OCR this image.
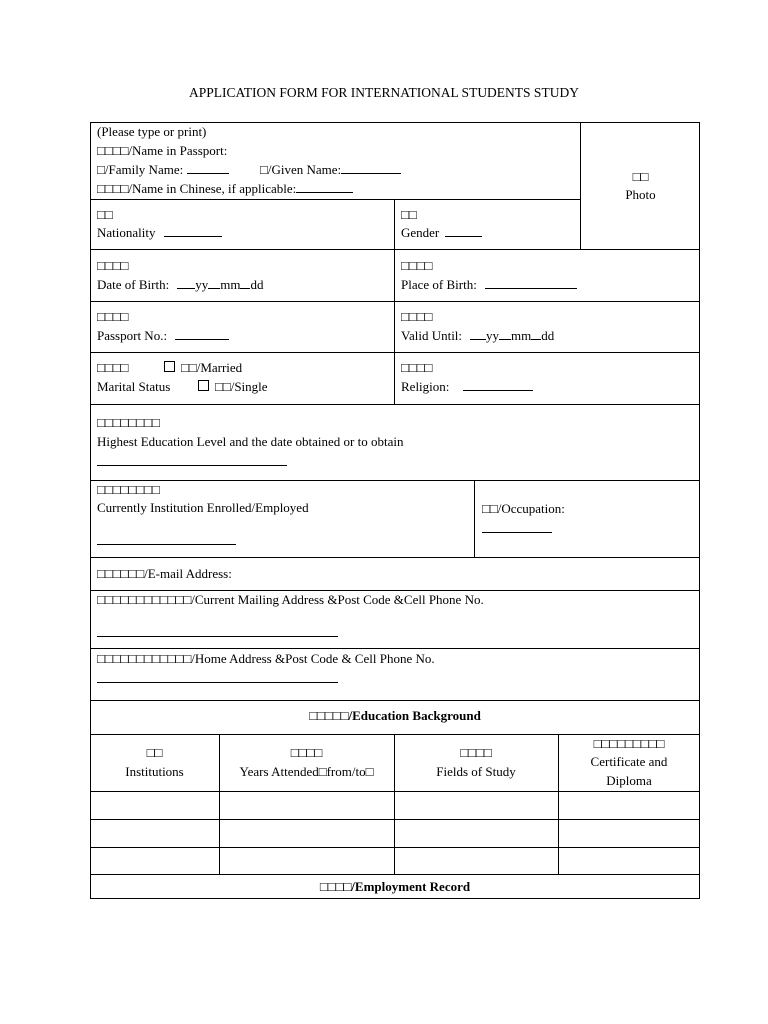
APPLICATION FORM FOR INTERNATIONAL STUDENTS STUDY
(Please type or print)
□□□□/Name in Passport:
□/Family Name:	□/Given Name:
□□□□/Name in Chinese, if applicable:
□□
Photo
□□
Nationality
□□
Gender
□□□□
Date of Birth: yy mm dd
□□□□
Place of Birth:
□□□□
Passport No.:
□□□□
Valid Until: yy mm dd
□□□□
Marital Status
□□/Married
□□/Single
□□□□
Religion:
□□□□□□□□
Highest Education Level and the date obtained or to obtain
□□□□□□□□
Currently Institution Enrolled/Employed	□□/Occupation:
□□□□□□/E-mail Address:
□□□□□□□□□□□□/Current Mailing Address &Post Code &Cell Phone No.
□□□□□□□□□□□□/Home Address &Post Code & Cell Phone No.
□□□□□/Education Background
□□
Institutions
□□□□
Years Attended□from/to□
□□□□
Fields of Study
□□□□□□□□□
Certificate and
Diploma
□□□□/Employment Record
